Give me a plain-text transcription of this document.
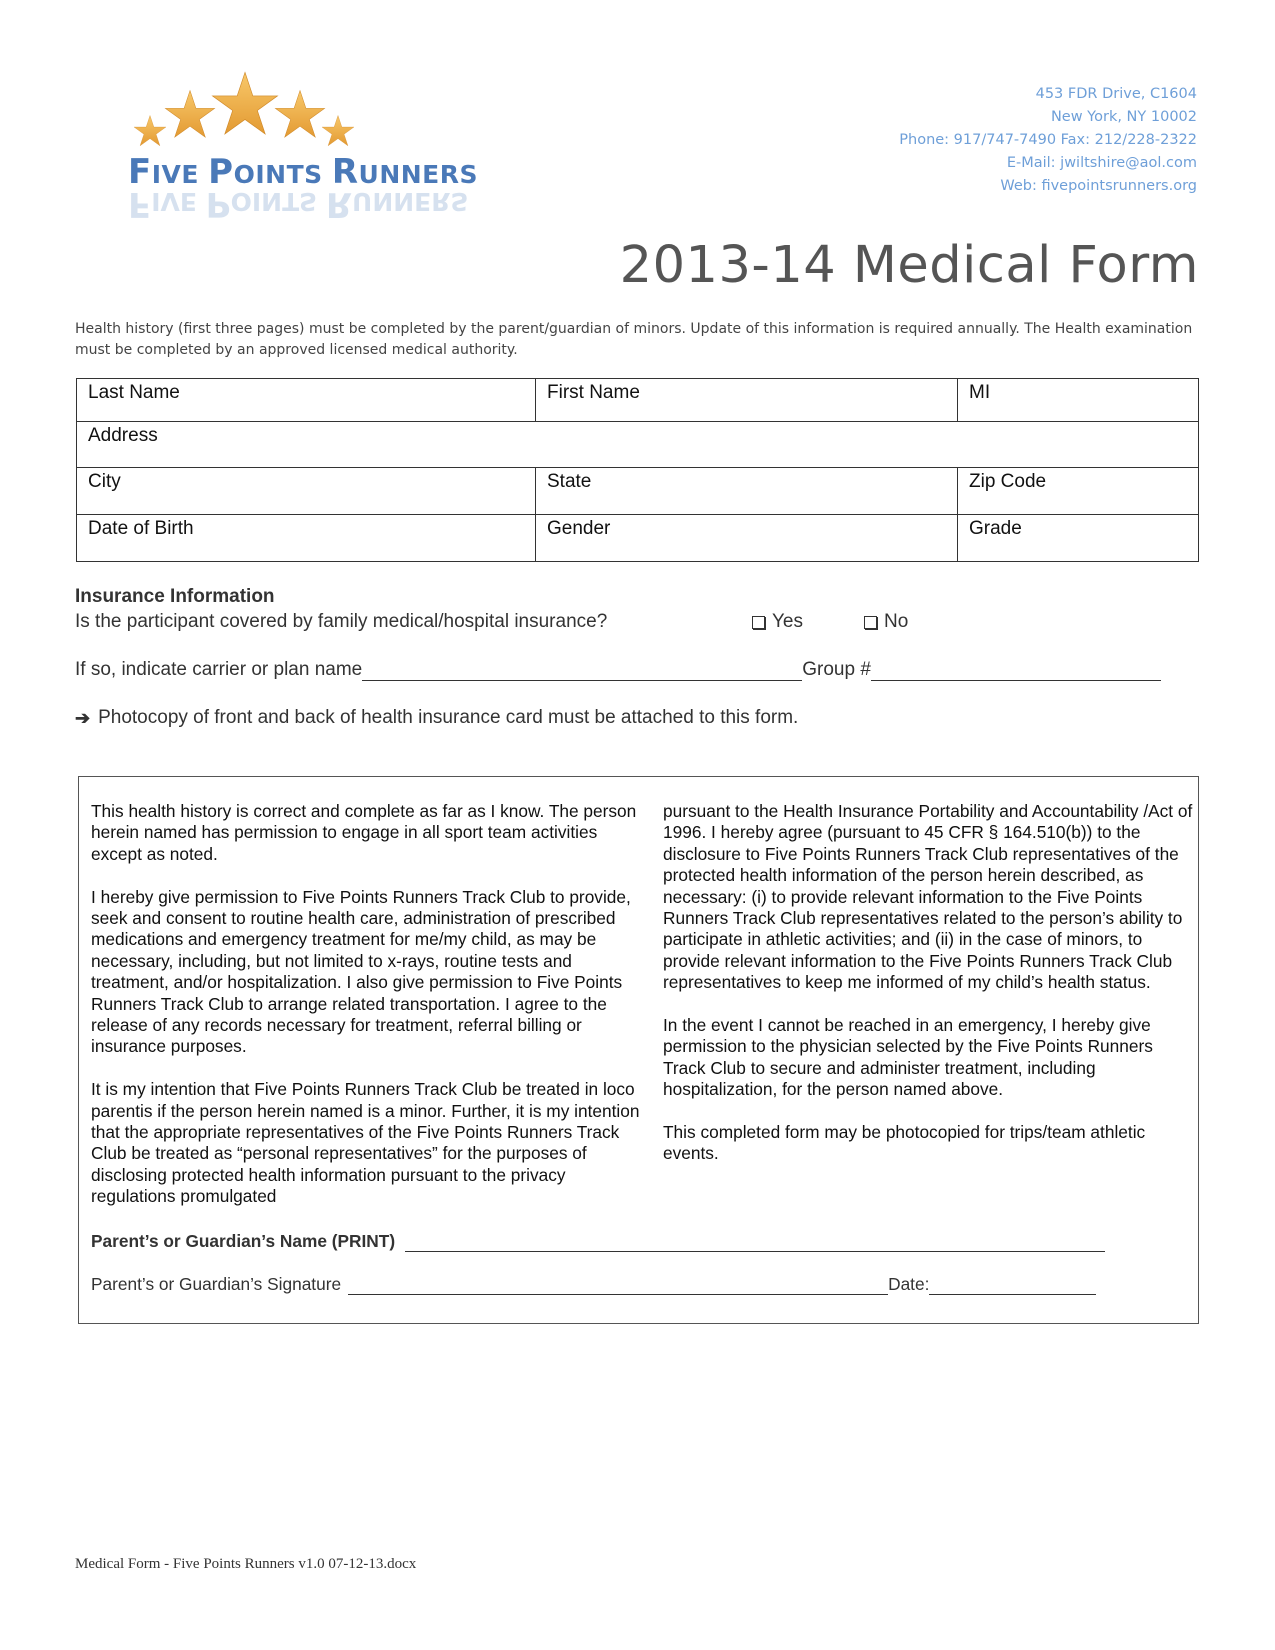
FIVE POINTS RUNNERS
FIVE POINTS RUNNERS
453 FDR Drive, C1604
New York, NY 10002
Phone: 917/747-7490 Fax: 212/228-2322
E-Mail: jwiltshire@aol.com
Web: fivepointsrunners.org
2013-14 Medical Form
Health history (first three pages) must be completed by the parent/guardian of minors. Update of this information is required annually. The Health examination must be completed by an approved licensed medical authority.
Last Name	First Name	MI
Address		
City	State	Zip Code
Date of Birth	Gender	Grade
Insurance Information
Is the participant covered by family medical/hospital insurance?	Yes	No
If so, indicate carrier or plan name	Group #
➔ Photocopy of front and back of health insurance card must be attached to this form.

This health history is correct and complete as far as I know. The person herein named has permission to engage in all sport team activities except as noted.

I hereby give permission to Five Points Runners Track Club to provide, seek and consent to routine health care, administration of prescribed medications and emergency treatment for me/my child, as may be necessary, including, but not limited to x-rays, routine tests and treatment, and/or hospitalization. I also give permission to Five Points Runners Track Club to arrange related transportation. I agree to the release of any records necessary for treatment, referral billing or insurance purposes.

It is my intention that Five Points Runners Track Club be treated in loco parentis if the person herein named is a minor. Further, it is my intention that the appropriate representatives of the Five Points Runners Track Club be treated as “personal representatives” for the purposes of disclosing protected health information pursuant to the privacy regulations promulgated

pursuant to the Health Insurance Portability and Accountability /Act of 1996. I hereby agree (pursuant to 45 CFR § 164.510(b)) to the disclosure to Five Points Runners Track Club representatives of the protected health information of the person herein described, as necessary: (i) to provide relevant information to the Five Points Runners Track Club representatives related to the person’s ability to participate in athletic activities; and (ii) in the case of minors, to provide relevant information to the Five Points Runners Track Club representatives to keep me informed of my child’s health status.

In the event I cannot be reached in an emergency, I hereby give permission to the physician selected by the Five Points Runners Track Club to secure and administer treatment, including hospitalization, for the person named above.

This completed form may be photocopied for trips/team athletic events.

Parent’s or Guardian’s Name (PRINT)
Parent’s or Guardian’s Signature	Date:
Medical Form - Five Points Runners v1.0 07-12-13.docx
